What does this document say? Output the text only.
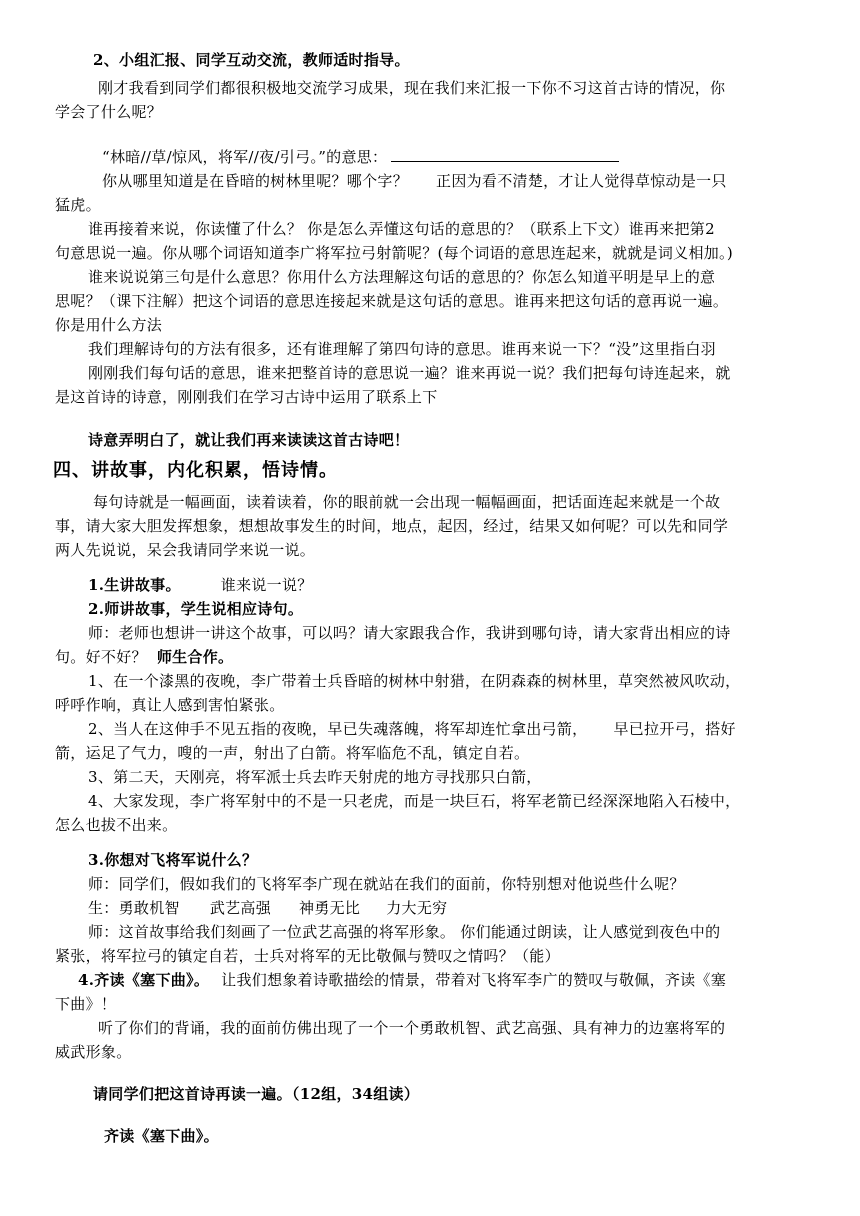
2、小组汇报、同学互动交流，教师适时指导。
刚才我看到同学们都很积极地交流学习成果，现在我们来汇报一下你不习这首古诗的情况，你
学会了什么呢？
“林暗//草/惊风，将军//夜/引弓。”的意思：
你从哪里知道是在昏暗的树林里呢？哪个字？ 正因为看不清楚，才让人觉得草惊动是一只
猛虎。
谁再接着来说，你读懂了什么？ 你是怎么弄懂这句话的意思的？（联系上下文）谁再来把第2
句意思说一遍。你从哪个词语知道李广将军拉弓射箭呢？(每个词语的意思连起来，就就是词义相加。)
谁来说说第三句是什么意思？你用什么方法理解这句话的意思的？你怎么知道平明是早上的意
思呢？（课下注解）把这个词语的意思连接起来就是这句话的意思。谁再来把这句话的意再说一遍。
你是用什么方法
我们理解诗句的方法有很多，还有谁理解了第四句诗的意思。谁再来说一下？“没”这里指白羽
刚刚我们每句话的意思，谁来把整首诗的意思说一遍？谁来再说一说？我们把每句诗连起来，就
是这首诗的诗意，刚刚我们在学习古诗中运用了联系上下
诗意弄明白了，就让我们再来读读这首古诗吧！
四、讲故事，内化积累，悟诗情。
每句诗就是一幅画面，读着读着，你的眼前就一会出现一幅幅画面，把话面连起来就是一个故
事，请大家大胆发挥想象，想想故事发生的时间，地点，起因，经过，结果又如何呢？可以先和同学
两人先说说，呆会我请同学来说一说。
1.生讲故事。	谁来说一说？
2.师讲故事，学生说相应诗句。
师：老师也想讲一讲这个故事，可以吗？请大家跟我合作，我讲到哪句诗，请大家背出相应的诗
句。好不好？ 师生合作。
1、在一个漆黑的夜晚，李广带着士兵昏暗的树林中射猎，在阴森森的树林里，草突然被风吹动，
呼呼作响，真让人感到害怕紧张。
2、当人在这伸手不见五指的夜晚，早已失魂落魄，将军却连忙拿出弓箭， 早已拉开弓，搭好
箭，运足了气力，嗖的一声，射出了白箭。将军临危不乱，镇定自若。
3、第二天，天刚亮，将军派士兵去昨天射虎的地方寻找那只白箭，
4、大家发现，李广将军射中的不是一只老虎，而是一块巨石，将军老箭已经深深地陷入石棱中，
怎么也拔不出来。
3.你想对飞将军说什么？
师：同学们，假如我们的飞将军李广现在就站在我们的面前，你特别想对他说些什么呢？
生：勇敢机智 武艺高强 神勇无比 力大无穷
师：这首故事给我们刻画了一位武艺高强的将军形象。 你们能通过朗读，让人感觉到夜色中的
紧张，将军拉弓的镇定自若，士兵对将军的无比敬佩与赞叹之情吗？（能）
4.齐读《塞下曲》。 让我们想象着诗歌描绘的情景，带着对飞将军李广的赞叹与敬佩，齐读《塞
下曲》！
听了你们的背诵，我的面前仿佛出现了一个一个勇敢机智、武艺高强、具有神力的边塞将军的
威武形象。
请同学们把这首诗再读一遍。（12组，34组读）
齐读《塞下曲》。
